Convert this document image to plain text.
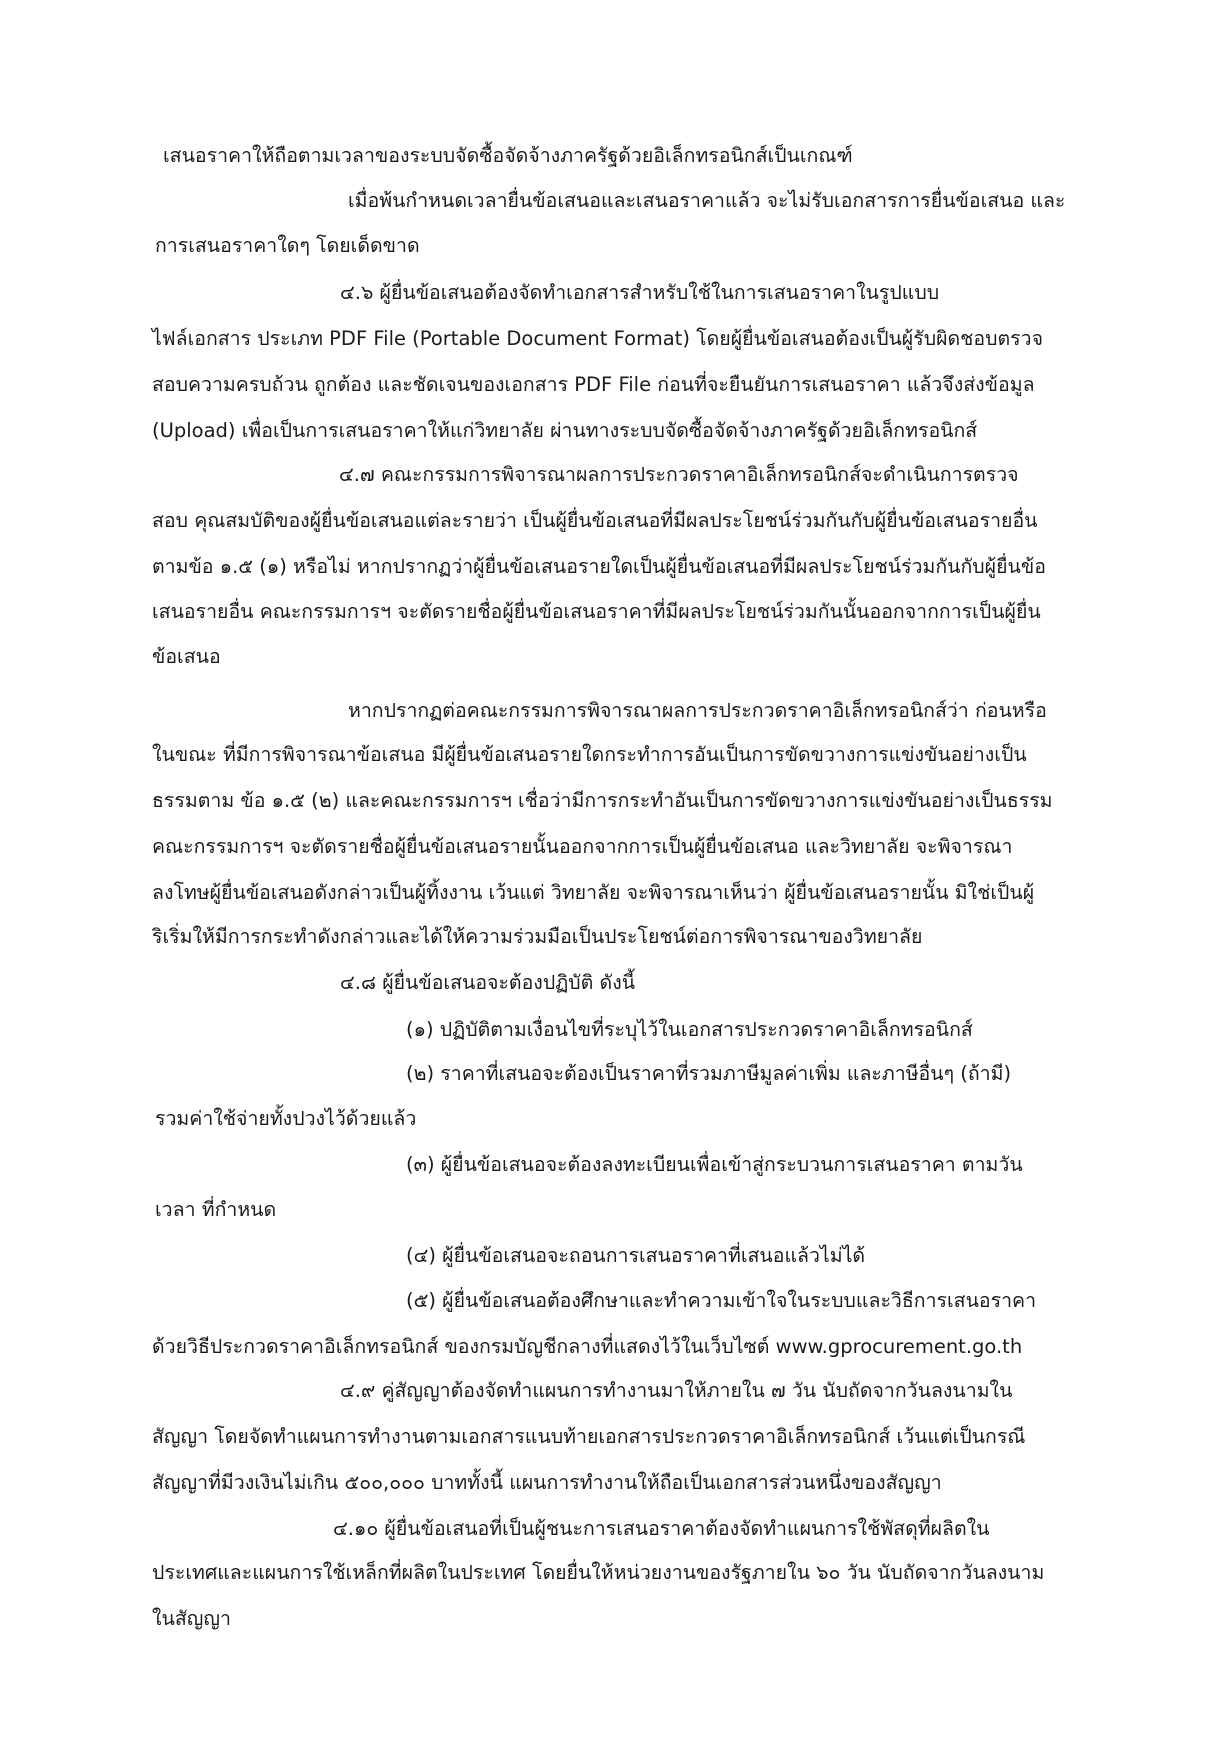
เสนอราคาให้ถือตามเวลาของระบบจัดซื้อจัดจ้างภาครัฐด้วยอิเล็กทรอนิกส์เป็นเกณฑ์

เมื่อพ้นกำหนดเวลายื่นข้อเสนอและเสนอราคาแล้ว จะไม่รับเอกสารการยื่นข้อเสนอ และ

การเสนอราคาใดๆ โดยเด็ดขาด

๔.๖ ผู้ยื่นข้อเสนอต้องจัดทำเอกสารสำหรับใช้ในการเสนอราคาในรูปแบบ

ไฟล์เอกสาร ประเภท PDF File (Portable Document Format) โดยผู้ยื่นข้อเสนอต้องเป็นผู้รับผิดชอบตรวจ

สอบความครบถ้วน ถูกต้อง และชัดเจนของเอกสาร PDF File ก่อนที่จะยืนยันการเสนอราคา แล้วจึงส่งข้อมูล

(Upload) เพื่อเป็นการเสนอราคาให้แก่วิทยาลัย ผ่านทางระบบจัดซื้อจัดจ้างภาครัฐด้วยอิเล็กทรอนิกส์

๔.๗ คณะกรรมการพิจารณาผลการประกวดราคาอิเล็กทรอนิกส์จะดำเนินการตรวจ

สอบ คุณสมบัติของผู้ยื่นข้อเสนอแต่ละรายว่า เป็นผู้ยื่นข้อเสนอที่มีผลประโยชน์ร่วมกันกับผู้ยื่นข้อเสนอรายอื่น

ตามข้อ ๑.๕ (๑) หรือไม่ หากปรากฏว่าผู้ยื่นข้อเสนอรายใดเป็นผู้ยื่นข้อเสนอที่มีผลประโยชน์ร่วมกันกับผู้ยื่นข้อ

เสนอรายอื่น คณะกรรมการฯ จะตัดรายชื่อผู้ยื่นข้อเสนอราคาที่มีผลประโยชน์ร่วมกันนั้นออกจากการเป็นผู้ยื่น

ข้อเสนอ

หากปรากฏต่อคณะกรรมการพิจารณาผลการประกวดราคาอิเล็กทรอนิกส์ว่า ก่อนหรือ

ในขณะ ที่มีการพิจารณาข้อเสนอ มีผู้ยื่นข้อเสนอรายใดกระทำการอันเป็นการขัดขวางการแข่งขันอย่างเป็น

ธรรมตาม ข้อ ๑.๕ (๒) และคณะกรรมการฯ เชื่อว่ามีการกระทำอันเป็นการขัดขวางการแข่งขันอย่างเป็นธรรม

คณะกรรมการฯ จะตัดรายชื่อผู้ยื่นข้อเสนอรายนั้นออกจากการเป็นผู้ยื่นข้อเสนอ และวิทยาลัย จะพิจารณา

ลงโทษผู้ยื่นข้อเสนอดังกล่าวเป็นผู้ทิ้งงาน เว้นแต่ วิทยาลัย จะพิจารณาเห็นว่า ผู้ยื่นข้อเสนอรายนั้น มิใช่เป็นผู้

ริเริ่มให้มีการกระทำดังกล่าวและได้ให้ความร่วมมือเป็นประโยชน์ต่อการพิจารณาของวิทยาลัย

๔.๘ ผู้ยื่นข้อเสนอจะต้องปฏิบัติ ดังนี้

(๑) ปฏิบัติตามเงื่อนไขที่ระบุไว้ในเอกสารประกวดราคาอิเล็กทรอนิกส์

(๒) ราคาที่เสนอจะต้องเป็นราคาที่รวมภาษีมูลค่าเพิ่ม และภาษีอื่นๆ (ถ้ามี)

รวมค่าใช้จ่ายทั้งปวงไว้ด้วยแล้ว

(๓) ผู้ยื่นข้อเสนอจะต้องลงทะเบียนเพื่อเข้าสู่กระบวนการเสนอราคา ตามวัน

เวลา ที่กำหนด

(๔) ผู้ยื่นข้อเสนอจะถอนการเสนอราคาที่เสนอแล้วไม่ได้

(๕) ผู้ยื่นข้อเสนอต้องศึกษาและทำความเข้าใจในระบบและวิธีการเสนอราคา

ด้วยวิธีประกวดราคาอิเล็กทรอนิกส์ ของกรมบัญชีกลางที่แสดงไว้ในเว็บไซต์ www.gprocurement.go.th

๔.๙ คู่สัญญาต้องจัดทำแผนการทำงานมาให้ภายใน ๗ วัน นับถัดจากวันลงนามใน

สัญญา โดยจัดทำแผนการทำงานตามเอกสารแนบท้ายเอกสารประกวดราคาอิเล็กทรอนิกส์ เว้นแต่เป็นกรณี

สัญญาที่มีวงเงินไม่เกิน ๕๐๐,๐๐๐ บาททั้งนี้ แผนการทำงานให้ถือเป็นเอกสารส่วนหนึ่งของสัญญา

๔.๑๐ ผู้ยื่นข้อเสนอที่เป็นผู้ชนะการเสนอราคาต้องจัดทำแผนการใช้พัสดุที่ผลิตใน

ประเทศและแผนการใช้เหล็กที่ผลิตในประเทศ โดยยื่นให้หน่วยงานของรัฐภายใน ๖๐ วัน นับถัดจากวันลงนาม

ในสัญญา
